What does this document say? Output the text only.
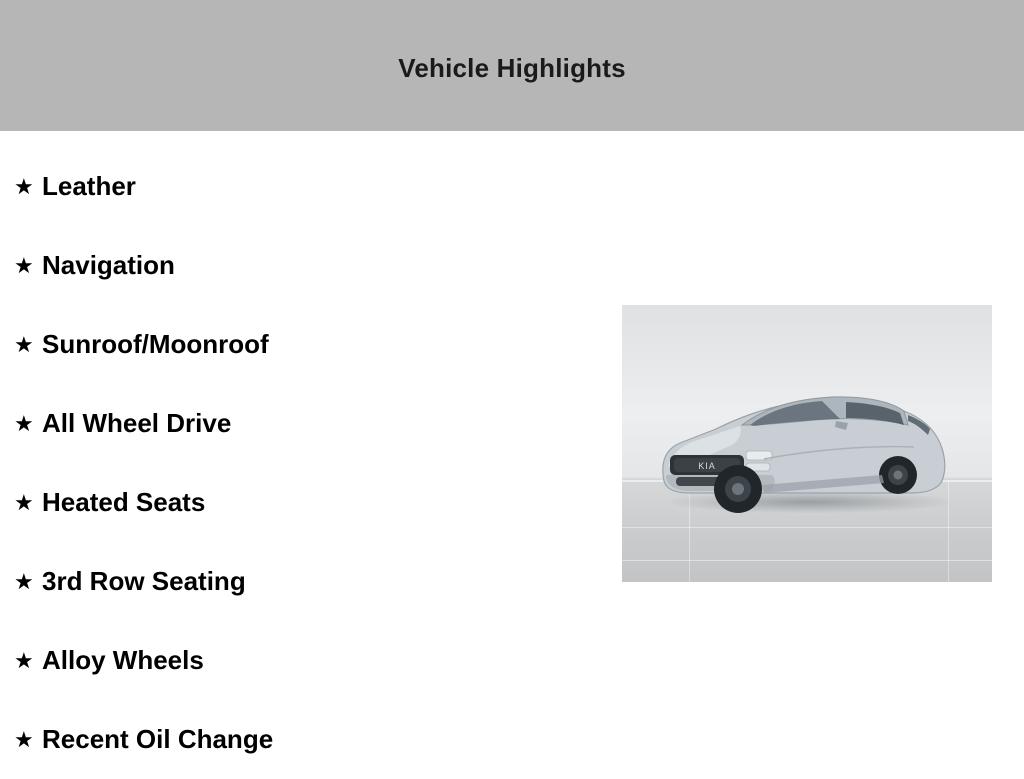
Vehicle Highlights
★ Leather
★ Navigation
★ Sunroof/Moonroof
★ All Wheel Drive
★ Heated Seats
★ 3rd Row Seating
★ Alloy Wheels
★ Recent Oil Change
KIA
